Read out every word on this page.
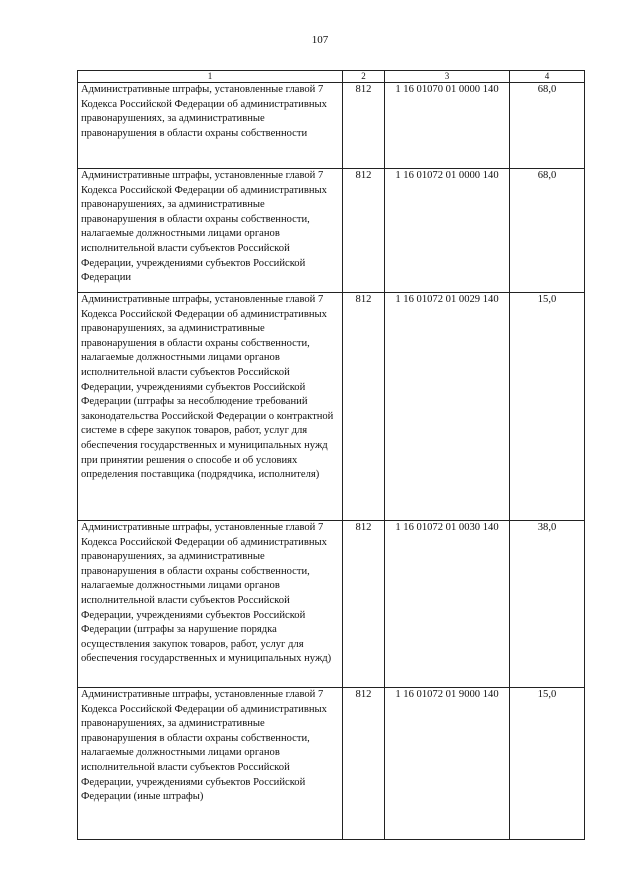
107
1	2	3	4
Административные штрафы, установленные главой 7 Кодекса Российской Федерации об административных правонарушениях, за административные правонарушения в области охраны собственности	812	1 16 01070 01 0000 140	68,0
Административные штрафы, установленные главой 7 Кодекса Российской Федерации об административных правонарушениях, за административные правонарушения в области охраны собственности, налагаемые должностными лицами органов исполнительной власти субъектов Российской Федерации, учреждениями субъектов Российской Федерации	812	1 16 01072 01 0000 140	68,0
Административные штрафы, установленные главой 7 Кодекса Российской Федерации об административных правонарушениях, за административные правонарушения в области охраны собственности, налагаемые должностными лицами органов исполнительной власти субъектов Российской Федерации, учреждениями субъектов Российской Федерации (штрафы за несоблюдение требований законодательства Российской Федерации о контрактной системе в сфере закупок товаров, работ, услуг для обеспечения государственных и муниципальных нужд при принятии решения о способе и об условиях определения поставщика (подрядчика, исполнителя)	812	1 16 01072 01 0029 140	15,0
Административные штрафы, установленные главой 7 Кодекса Российской Федерации об административных правонарушениях, за административные правонарушения в области охраны собственности, налагаемые должностными лицами органов исполнительной власти субъектов Российской Федерации, учреждениями субъектов Российской Федерации (штрафы за нарушение порядка осуществления закупок товаров, работ, услуг для обеспечения государственных и муниципальных нужд)	812	1 16 01072 01 0030 140	38,0
Административные штрафы, установленные главой 7 Кодекса Российской Федерации об административных правонарушениях, за административные правонарушения в области охраны собственности, налагаемые должностными лицами органов исполнительной власти субъектов Российской Федерации, учреждениями субъектов Российской Федерации (иные штрафы)	812	1 16 01072 01 9000 140	15,0
